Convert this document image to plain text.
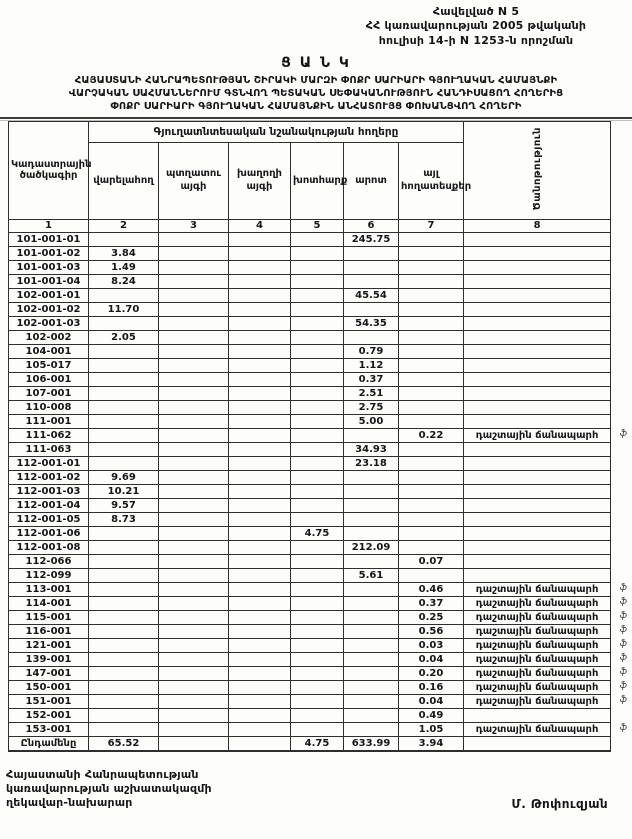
Հավելված N 5
ՀՀ կառավարության 2005 թվականի
հուլիսի 14-ի N 1253-ն որոշման
Ց Ա Ն Կ
ՀԱՅԱՍՏԱՆԻ ՀԱՆՐԱՊԵՏՈՒԹՅԱՆ ՇԻՐԱԿԻ ՄԱՐԶԻ ՓՈՔՐ ՍԱՐԻԱՐԻ ԳՅՈՒՂԱԿԱՆ ՀԱՄԱՅՆՔԻ
ՎԱՐՉԱԿԱՆ ՍԱՀՄԱՆՆԵՐՈՒՄ ԳՏՆՎՈՂ ՊԵՏԱԿԱՆ ՍԵՓԱԿԱՆՈՒԹՅՈՒՆ ՀԱՆԴԻՍԱՑՈՂ ՀՈՂԵՐԻՑ
ՓՈՔՐ ՍԱՐԻԱՐԻ ԳՅՈՒՂԱԿԱՆ ՀԱՄԱՅՆՔԻՆ ԱՆՀԱՏՈՒՅՑ ՓՈԽԱՆՑՎՈՂ ՀՈՂԵՐԻ
Կադաստրային ծածկագիր	Գյուղատնտեսական նշանակության հողերը						Ծանոթություն
	վարելահող	պտղատու այգի	խաղողի այգի	խոտհարք	արոտ	այլ հողատեսքեր	
1	2	3	4	5	6	7	8
101-001-01					245.75		
101-001-02	3.84						
101-001-03	1.49						
101-001-04	8.24						
102-001-01					45.54		
102-001-02	11.70						
102-001-03					54.35		
102-002	2.05						
104-001					0.79		
105-017					1.12		
106-001					0.37		
107-001					2.51		
110-008					2.75		
111-001					5.00		
111-062						0.22	դաշտային ճանապարհ ֆ

111-063					34.93		
112-001-01					23.18		
112-001-02	9.69						
112-001-03	10.21						
112-001-04	9.57						
112-001-05	8.73						
112-001-06				4.75			
112-001-08					212.09		
112-066						0.07	
112-099					5.61		
113-001						0.46	դաշտային ճանապարհ ֆ

114-001						0.37	դաշտային ճանապարհ ֆ

115-001						0.25	դաշտային ճանապարհ ֆ

116-001						0.56	դաշտային ճանապարհ ֆ

121-001						0.03	դաշտային ճանապարհ ֆ

139-001						0.04	դաշտային ճանապարհ ֆ

147-001						0.20	դաշտային ճանապարհ ֆ

150-001						0.16	դաշտային ճանապարհ ֆ

151-001						0.04	դաշտային ճանապարհ ֆ

152-001						0.49	
153-001						1.05	դաշտային ճանապարհ ֆ

Ընդամենը	65.52			4.75	633.99	3.94	
Հայաստանի Հանրապետության
կառավարության աշխատակազմի
ղեկավար-նախարար	Մ. Թոփուզյան
